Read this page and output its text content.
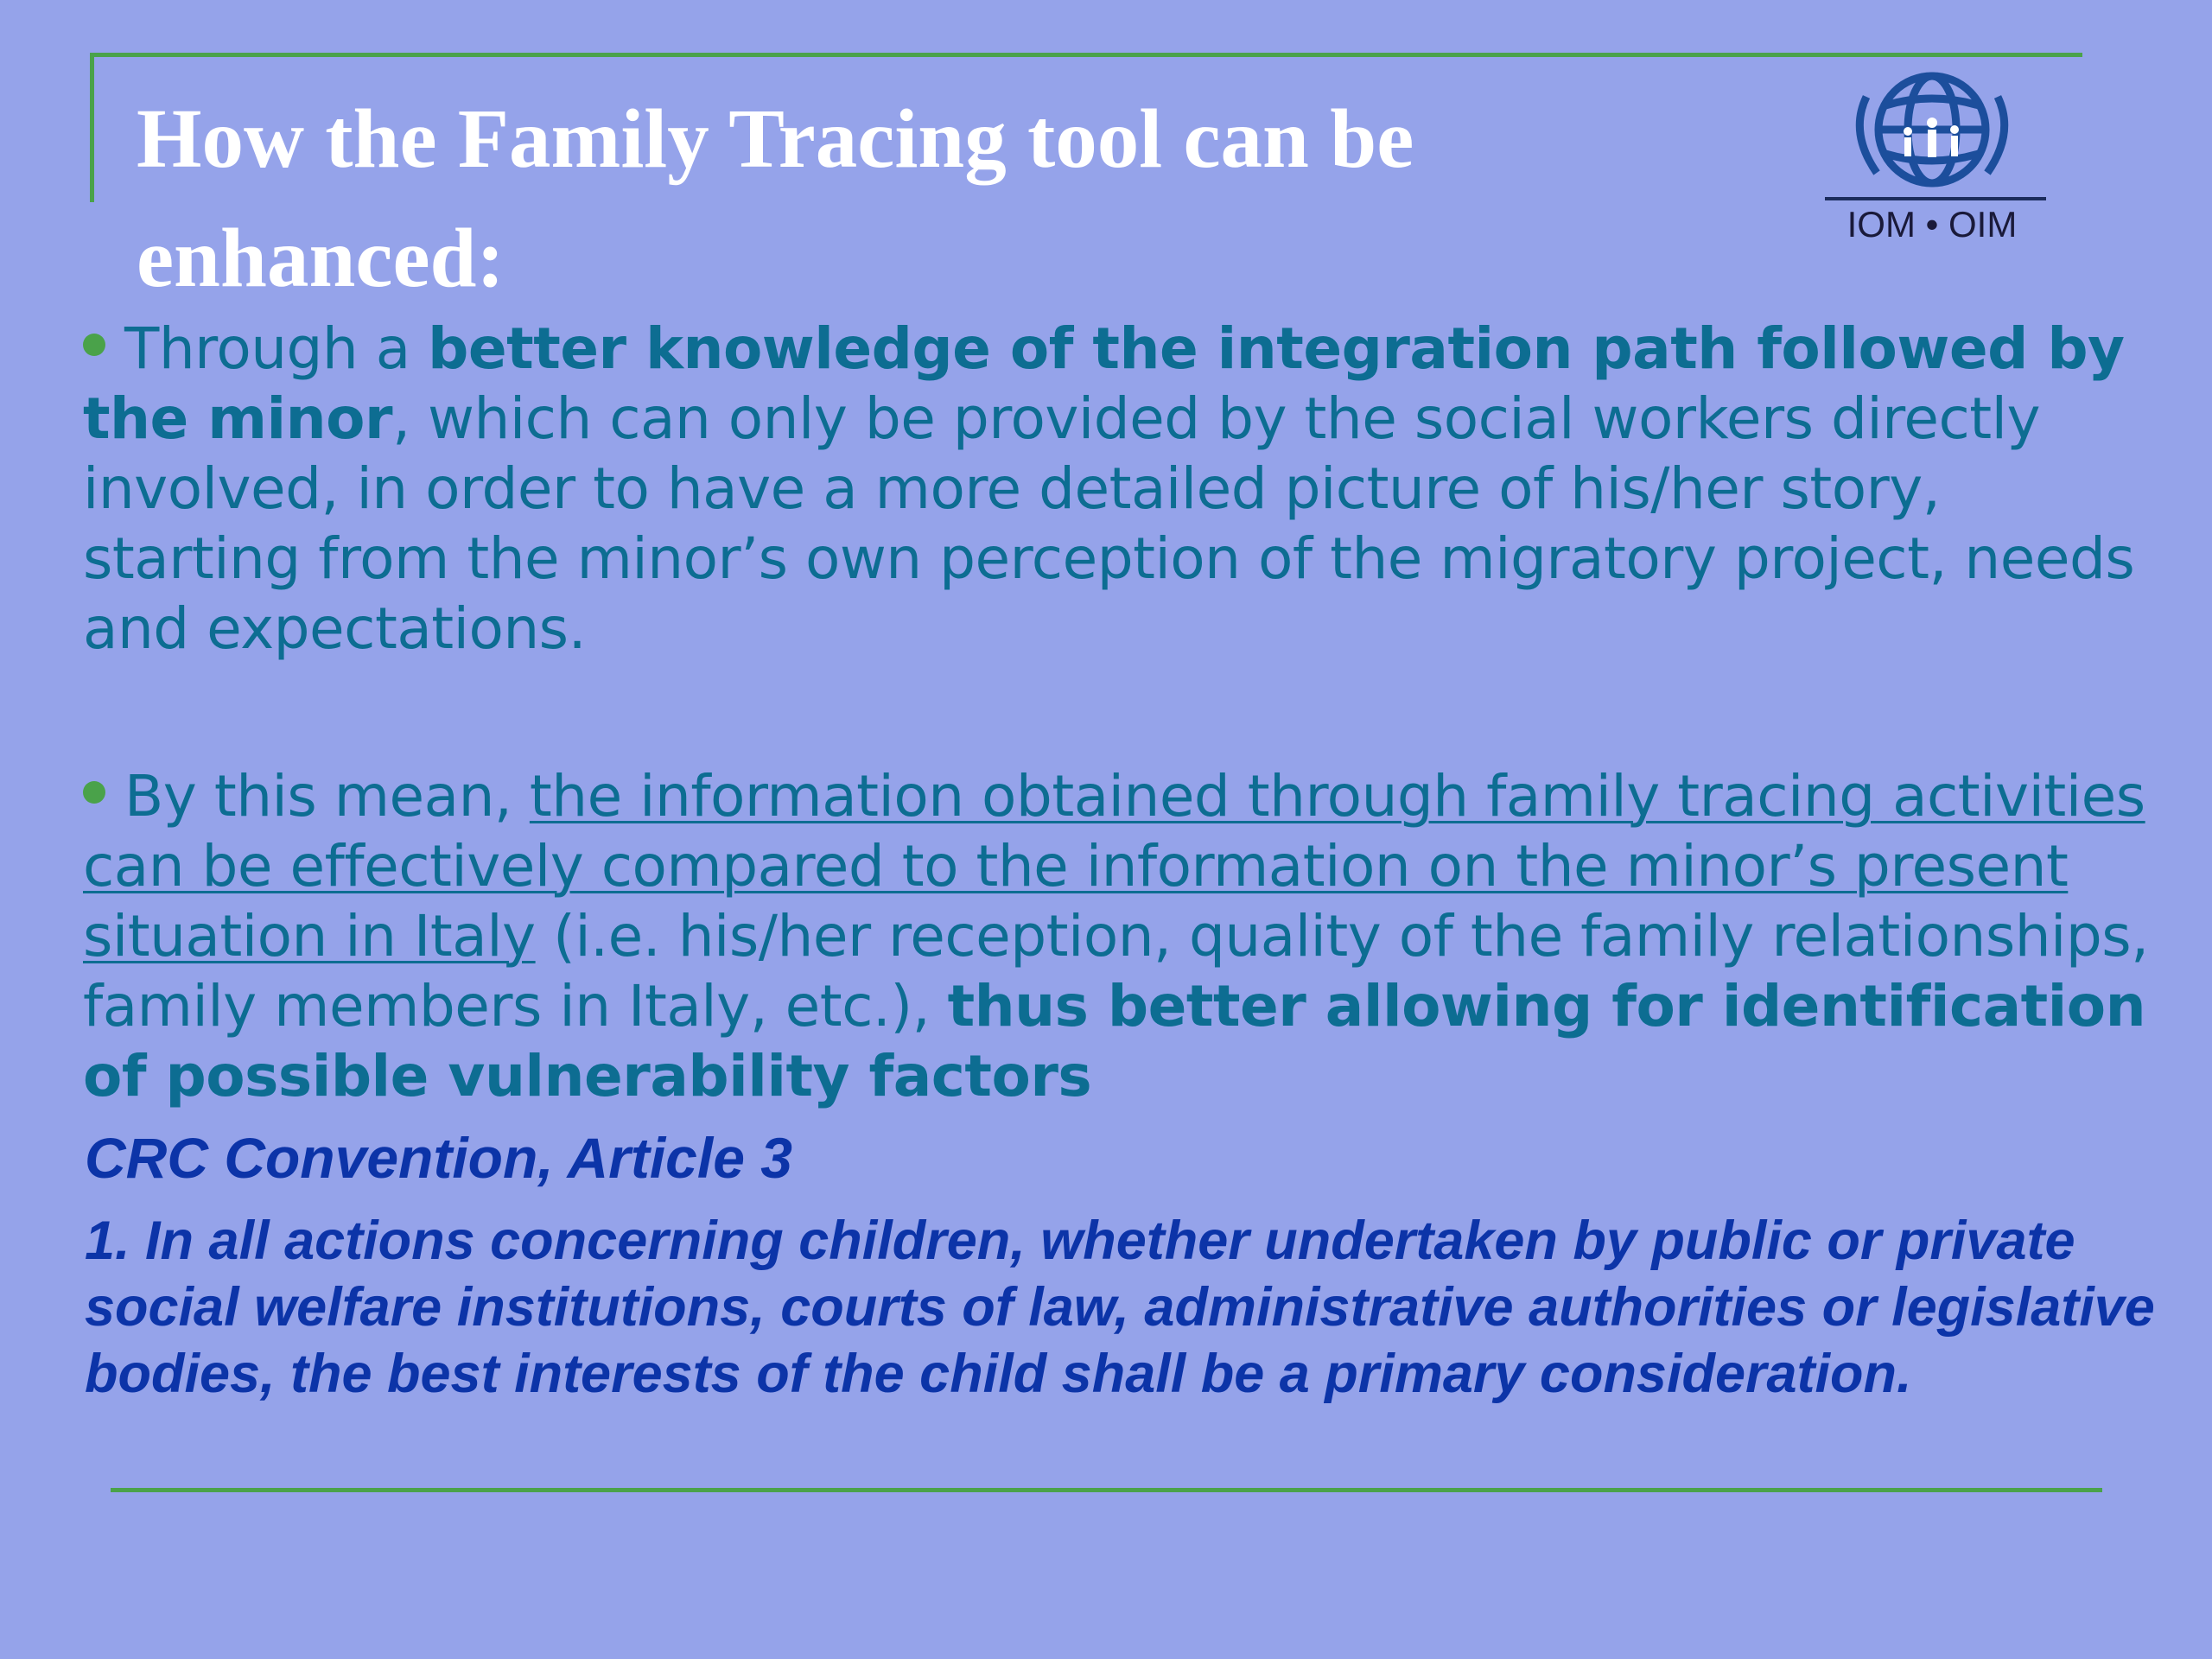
How the Family Tracing tool can be enhanced:	IOM • OIM

Through a better knowledge of the integration path followed by the minor, which can only be provided by the social workers directly involved, in order to have a more detailed picture of his/her story, starting from the minor’s own perception of the migratory project, needs and expectations.

By this mean, the information obtained through family tracing activities can be effectively compared to the information on the minor’s present situation in Italy (i.e. his/her reception, quality of the family relationships, family members in Italy, etc.), thus better allowing for identification of possible vulnerability factors

CRC Convention, Article 3

1. In all actions concerning children, whether undertaken by public or private social welfare institutions, courts of law, administrative authorities or legislative bodies, the best interests of the child shall be a primary consideration.
